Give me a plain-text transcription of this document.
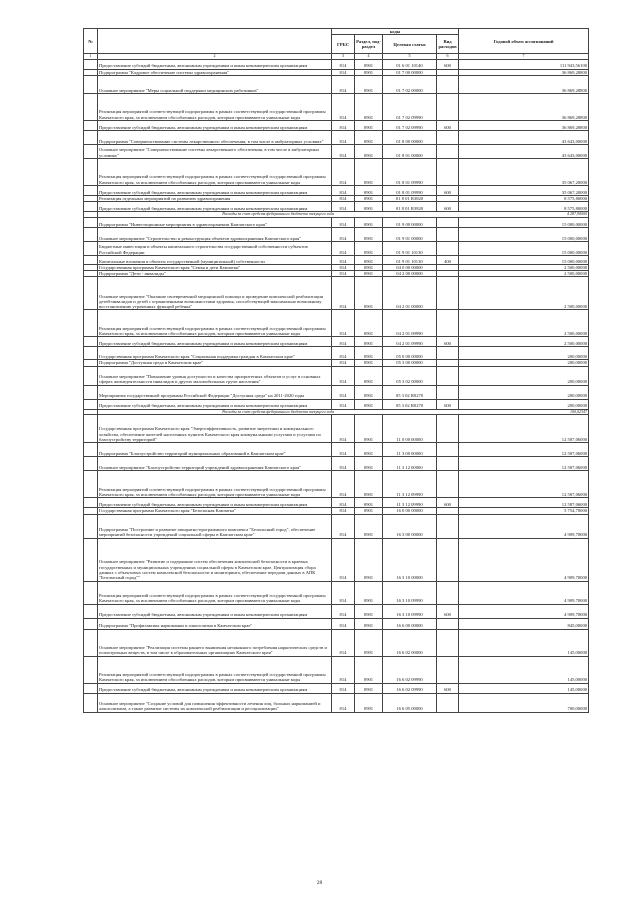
№		коды				Годовой объем ассигнований
		ГРБС	Раздел, под- раздел	Целевая статья	Вид расходов	
1	2	3	4	5	6	7
	Предоставление субсидий бюджетным, автономным учреждениям и иным некоммерческим организациям	814	0901	01 6 01 10140	600	111 943,56100
	Подпрограмма "Кадровое обеспечение системы здравоохранения"	814	0901	01 7 00 00000		36 869,28800
	Основное мероприятие "Меры социальной поддержки медицинских работников"	814	0901	01 7 02 00000		36 869,28800
	Реализация мероприятий соответствующей подпрограммы в рамках соответствующей государственной программы Камчатского края, за исключением обособленных расходов, которым присваиваются уникальные коды	814	0901	01 7 02 09990		36 869,28800
	Предоставление субсидий бюджетным, автономным учреждениям и иным некоммерческим организациям	814	0901	01 7 02 09990	600	36 869,28800
	Подпрограмма "Совершенствование системы лекарственного обеспечения, в том числе в амбулаторных условиях"	814	0901	01 8 00 00000		43 643,00000
	Основное мероприятие "Совершенствование системы лекарственного обеспечения, в том числе в амбулаторных условиях"	814	0901	01 8 01 00000		43 643,00000
	Реализация мероприятий соответствующей подпрограммы в рамках соответствующей государственной программы Камчатского края, за исключением обособленных расходов, которым присваиваются уникальные коды	814	0901	01 8 01 09990		35 067,20000
	Предоставление субсидий бюджетным, автономным учреждениям и иным некоммерческим организациям	814	0901	01 8 01 09990	600	35 067,20000
	Реализация отдельных мероприятий по развитию здравоохранения	814	0901	01 8 01 R3820		8 575,80000
	Предоставление субсидий бюджетным, автономным учреждениям и иным некоммерческим организациям	814	0901	01 8 01 R3820	600	8 575,80000
	Расходы за счет средств федерального бюджета текущего года					4 287,90000
	Подпрограмма "Инвестиционные мероприятия в здравоохранении Камчатского края"	814	0901	01 9 00 00000		15 000,00000
	Основное мероприятие "Строительство и реконструкция объектов здравоохранения Камчатского края"	814	0901	01 9 01 00000		15 000,00000
	Бюджетные инвестиции в объекты капитального строительства государственной собственности субъектов Российской Федерации	814	0901	01 9 01 10130		15 000,00000
	Капитальные вложения в объекты государственной (муниципальной) собственности	814	0901	01 9 01 10130	400	15 000,00000
	Государственная программа Камчатского края "Семья и дети Камчатки"	814	0901	04 0 00 00000		2 500,00000
	Подпрограмма "Дети - инвалиды"	814	0901	04 2 00 00000		2 500,00000
	Основное мероприятие "Оказание своевременной медицинской помощи и проведение комплексной реабилитации детей-инвалидов и детей с ограниченными возможностями здоровья, способствующей максимально возможному восстановлению утраченных функций ребенка"	814	0901	04 2 01 00000		2 500,00000
	Реализация мероприятий соответствующей подпрограммы в рамках соответствующей государственной программы Камчатского края, за исключением обособленных расходов, которым присваиваются уникальные коды	814	0901	04 2 01 09990		2 500,00000
	Предоставление субсидий бюджетным, автономным учреждениям и иным некоммерческим организациям	814	0901	04 2 01 09990	600	2 500,00000
	Государственная программа Камчатского края "Социальная поддержка граждан в Камчатском крае"	814	0901	05 0 00 00000		200,00000
	Подпрограмма "Доступная среда в Камчатском крае"	814	0901	05 3 00 00000		200,00000
	Основное мероприятие "Повышение уровня доступности и качества приоритетных объектов и услуг в основных сферах жизнедеятельности инвалидов и других маломобильных групп населения"	814	0901	05 3 02 00000		200,00000
	Мероприятия государственной программы Российской Федерации "Доступная среда" на 2011-2020 годы	814	0901	05 3 02 R0270		200,00000
	Предоставление субсидий бюджетным, автономным учреждениям и иным некоммерческим организациям	814	0901	05 3 02 R0270	600	200,00000
	Расходы за счет средств федерального бюджета текущего года					100,02347
	Государственная программа Камчатского края "Энергоэффективность, развитие энергетики и коммунального хозяйства, обеспечение жителей населенных пунктов Камчатского края коммунальными услугами и услугами по благоустройству территорий"	814	0901	11 0 00 00000		12 587,06000
	Подпрограмма "Благоустройство территорий муниципальных образований в Камчатском крае"	814	0901	11 3 00 00000		12 587,06000
	Основное мероприятие "Благоустройство территорий учреждений здравоохранения Камчатского края"	814	0901	11 3 12 00000		12 587,06000
	Реализация мероприятий соответствующей подпрограммы в рамках соответствующей государственной программы Камчатского края, за исключением обособленных расходов, которым присваиваются уникальные коды	814	0901	11 3 12 09990		12 587,06000
	Предоставление субсидий бюджетным, автономным учреждениям и иным некоммерческим организациям	814	0901	11 3 12 09990	600	12 587,06000
	Государственная программа Камчатского края "Безопасная Камчатка"	814	0901	16 0 00 00000		5 754,70000
	Подпрограмма "Построение и развитие аппаратно-программного комплекса "Безопасный город", обеспечение мероприятий безопасности учреждений социальной сферы в Камчатском крае"	814	0901	16 3 00 00000		4 909,70000
	Основное мероприятие "Развитие и содержание систем обеспечения комплексной безопасности в краевых государственных и муниципальных учреждениях социальной сферы в Камчатском крае. Централизация сбора данных с объектовых систем комплексной безопасности и мониторинга, обеспечение передачи данных в АПК "Безопасный город""	814	0901	16 3 10 00000		4 909,70000
	Реализация мероприятий соответствующей подпрограммы в рамках соответствующей государственной программы Камчатского края, за исключением обособленных расходов, которым присваиваются уникальные коды	814	0901	16 3 10 09990		4 909,70000
	Предоставление субсидий бюджетным, автономным учреждениям и иным некоммерческим организациям	814	0901	16 3 10 09990	600	4 909,70000
	Подпрограмма "Профилактика наркомании и алкоголизма в Камчатском крае"	814	0901	16 6 00 00000		845,00000
	Основное мероприятие "Реализация системы раннего выявления незаконного потребления наркотических средств и психотропных веществ, в том числе в образовательных организациях Камчатского края"	814	0901	16 6 02 00000		145,00000
	Реализация мероприятий соответствующей подпрограммы в рамках соответствующей государственной программы Камчатского края, за исключением обособленных расходов, которым присваиваются уникальные коды	814	0901	16 6 02 09990		145,00000
	Предоставление субсидий бюджетным, автономным учреждениям и иным некоммерческим организациям	814	0901	16 6 02 09990	600	145,00000
	Основное мероприятие "Создание условий для повышения эффективности лечения лиц, больных наркоманией и алкоголизмом, а также развитие системы их комплексной реабилитации и ресоциализации"	814	0901	16 6 05 00000		700,00000
28
